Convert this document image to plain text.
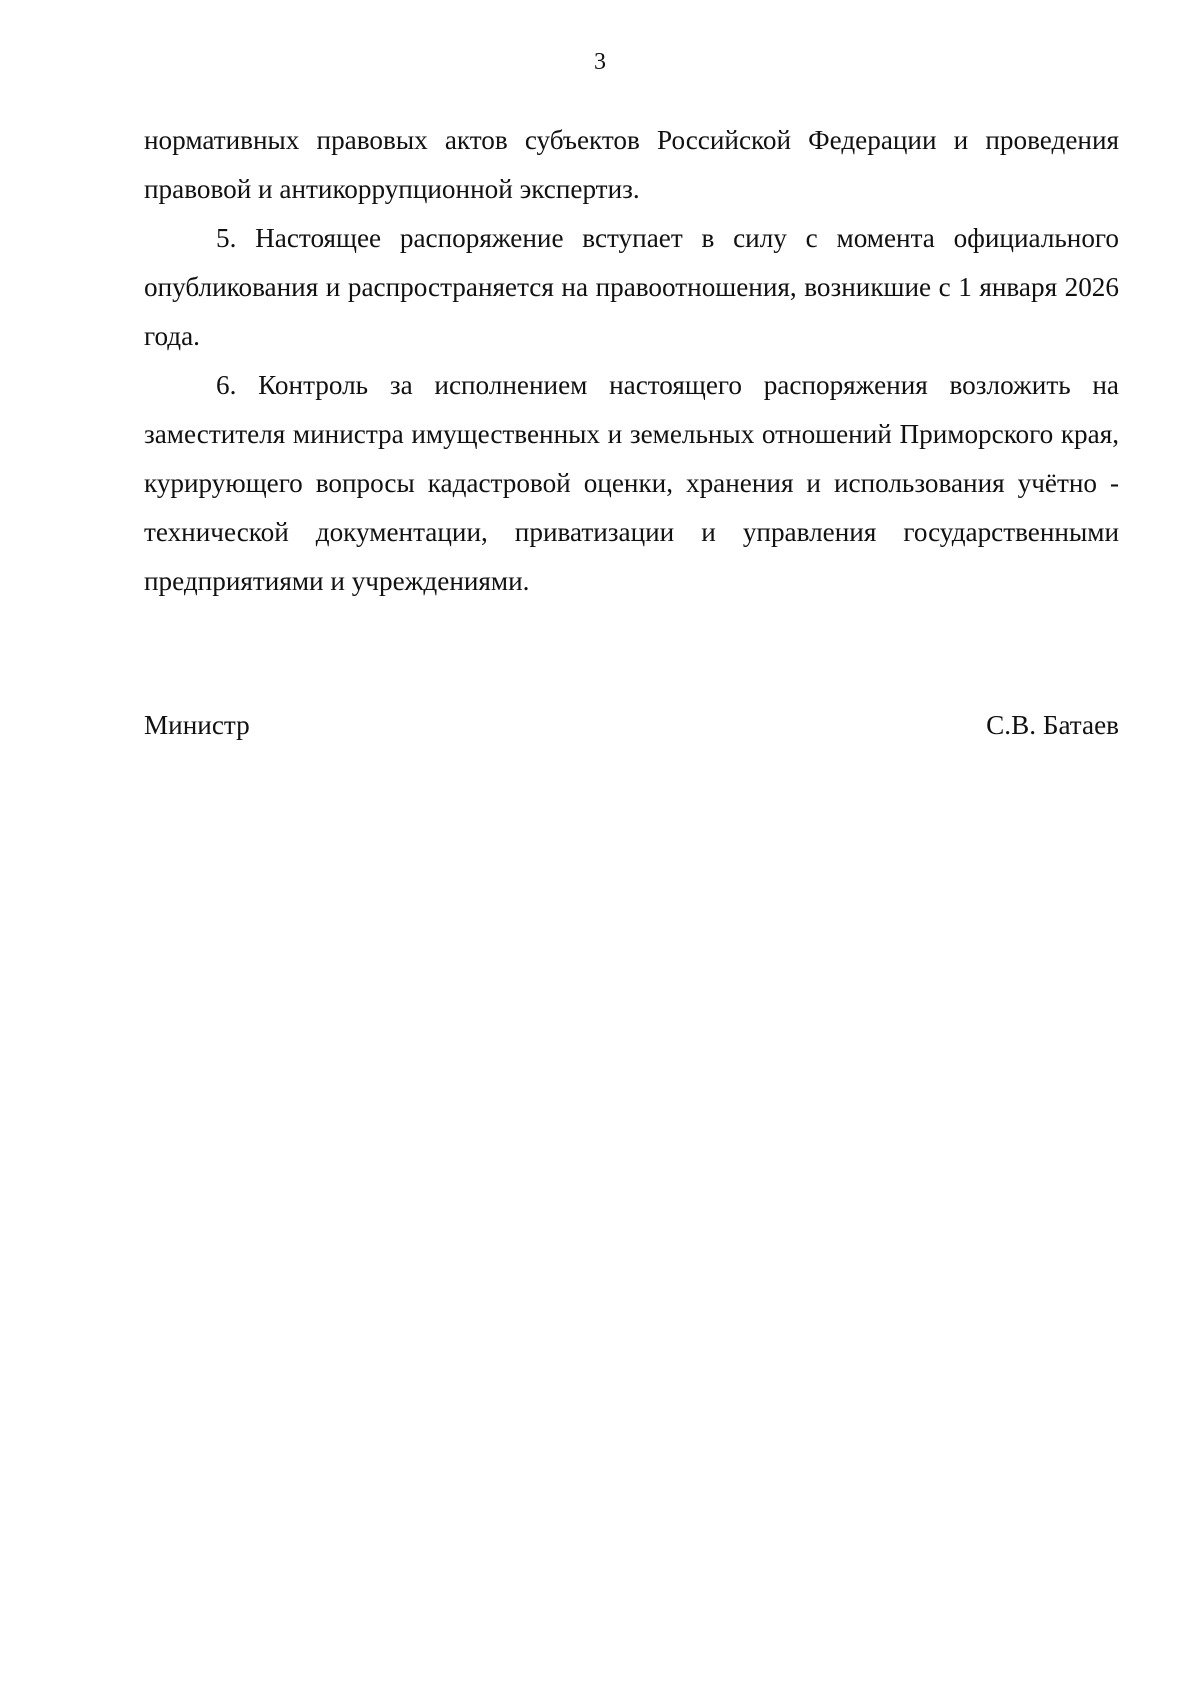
3

нормативных правовых актов субъектов Российской Федерации и проведения правовой и антикоррупционной экспертиз.

5. Настоящее распоряжение вступает в силу с момента официального опубликования и распространяется на правоотношения, возникшие с 1 января 2026 года.

6. Контроль за исполнением настоящего распоряжения возложить на заместителя министра имущественных и земельных отношений Приморского края, курирующего вопросы кадастровой оценки, хранения и использования учётно - технической документации, приватизации и управления государственными предприятиями и учреждениями.

Министр	С.В. Батаев
